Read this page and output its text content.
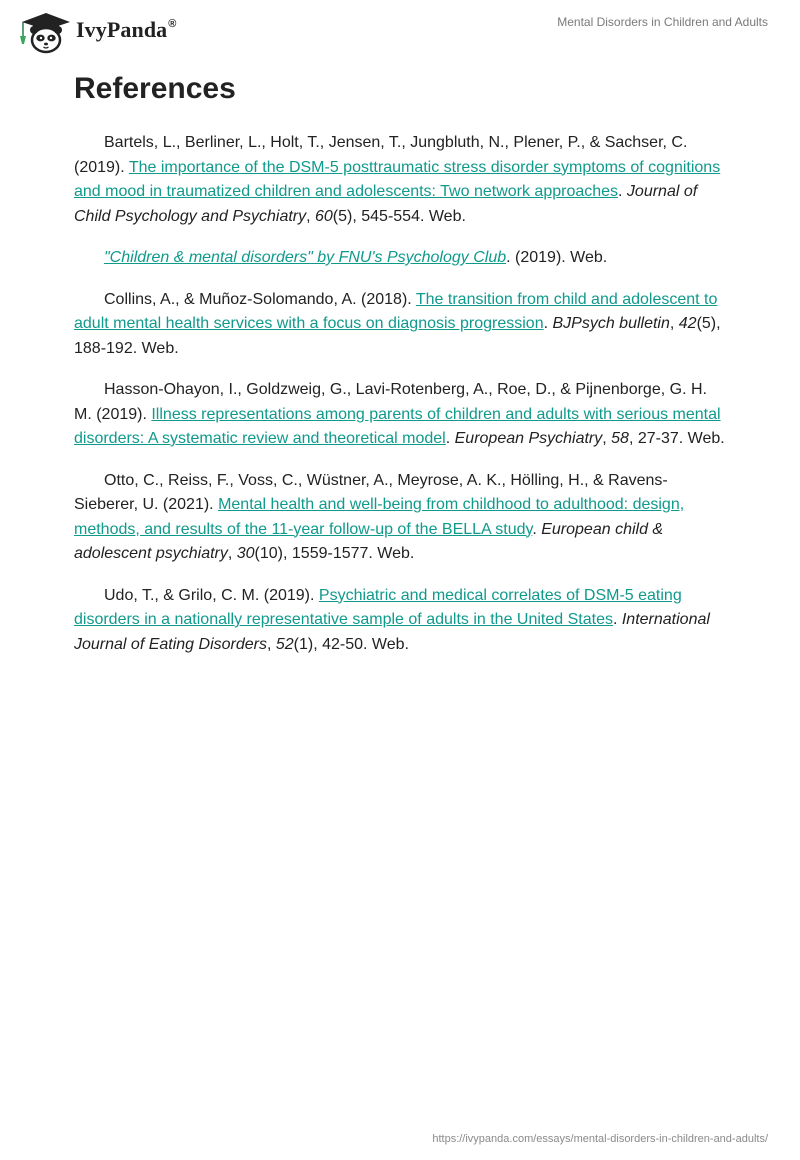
IvyPanda®	Mental Disorders in Children and Adults
References

Bartels, L., Berliner, L., Holt, T., Jensen, T., Jungbluth, N., Plener, P., & Sachser, C. (2019). The importance of the DSM-5 posttraumatic stress disorder symptoms of cognitions and mood in traumatized children and adolescents: Two network approaches. Journal of Child Psychology and Psychiatry, 60(5), 545-554. Web.

"Children & mental disorders" by FNU's Psychology Club. (2019). Web.

Collins, A., & Muñoz-Solomando, A. (2018). The transition from child and adolescent to adult mental health services with a focus on diagnosis progression. BJPsych bulletin, 42(5), 188-192. Web.

Hasson-Ohayon, I., Goldzweig, G., Lavi-Rotenberg, A., Roe, D., & Pijnenborge, G. H. M. (2019). Illness representations among parents of children and adults with serious mental disorders: A systematic review and theoretical model. European Psychiatry, 58, 27-37. Web.

Otto, C., Reiss, F., Voss, C., Wüstner, A., Meyrose, A. K., Hölling, H., & Ravens-Sieberer, U. (2021). Mental health and well-being from childhood to adulthood: design, methods, and results of the 11-year follow-up of the BELLA study. European child & adolescent psychiatry, 30(10), 1559-1577. Web.

Udo, T., & Grilo, C. M. (2019). Psychiatric and medical correlates of DSM-5 eating disorders in a nationally representative sample of adults in the United States. International Journal of Eating Disorders, 52(1), 42-50. Web.

https://ivypanda.com/essays/mental-disorders-in-children-and-adults/
